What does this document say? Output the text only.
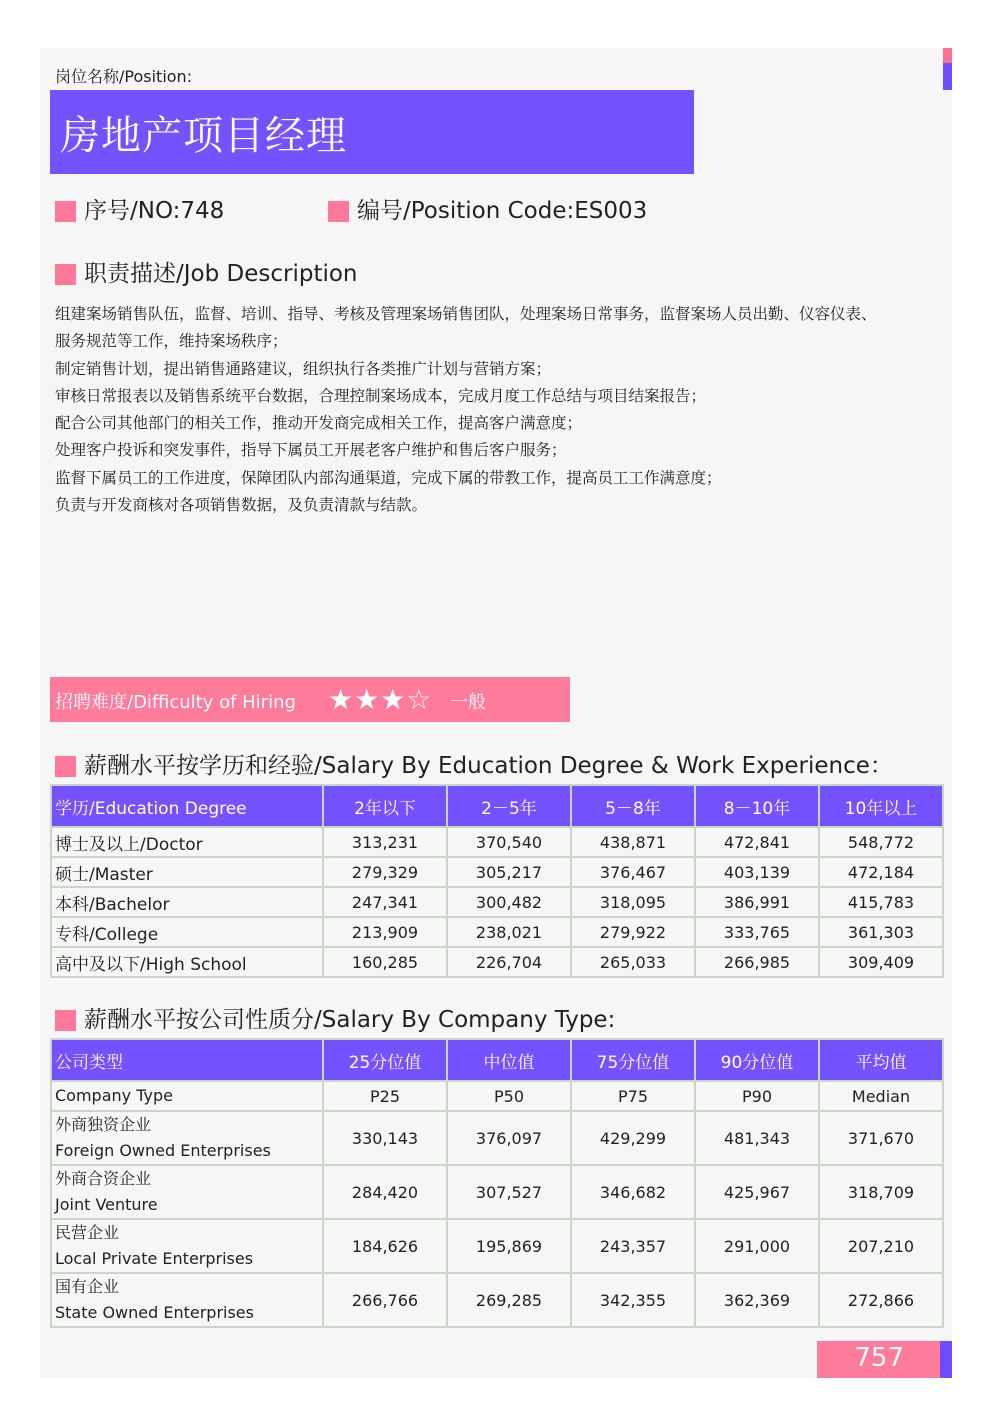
岗位名称/Position:
房地产项目经理
序号/NO:748	编号/Position Code:ES003
职责描述/Job Description
组建案场销售队伍，监督、培训、指导、考核及管理案场销售团队，处理案场日常事务，监督案场人员出勤、仪容仪表、
服务规范等工作，维持案场秩序；
制定销售计划，提出销售通路建议，组织执行各类推广计划与营销方案；
审核日常报表以及销售系统平台数据，合理控制案场成本，完成月度工作总结与项目结案报告；
配合公司其他部门的相关工作，推动开发商完成相关工作，提高客户满意度；
处理客户投诉和突发事件，指导下属员工开展老客户维护和售后客户服务；
监督下属员工的工作进度，保障团队内部沟通渠道，完成下属的带教工作，提高员工工作满意度；
负责与开发商核对各项销售数据，及负责清款与结款。
招聘难度/Difficulty of Hiring ★★★☆ 一般
薪酬水平按学历和经验/Salary By Education Degree & Work Experience：
学历/Education Degree	2年以下	2－5年	5－8年	8－10年	10年以上
博士及以上/Doctor	313,231	370,540	438,871	472,841	548,772
硕士/Master	279,329	305,217	376,467	403,139	472,184
本科/Bachelor	247,341	300,482	318,095	386,991	415,783
专科/College	213,909	238,021	279,922	333,765	361,303
高中及以下/High School	160,285	226,704	265,033	266,985	309,409
薪酬水平按公司性质分/Salary By Company Type:
公司类型	25分位值	中位值	75分位值	90分位值	平均值
Company Type	P25	P50	P75	P90	Median

外商独资企业
Foreign Owned Enterprises	330,143	376,097	429,299	481,343	371,670

外商合资企业
Joint Venture	284,420	307,527	346,682	425,967	318,709

民营企业
Local Private Enterprises	184,626	195,869	243,357	291,000	207,210

国有企业
State Owned Enterprises	266,766	269,285	342,355	362,369	272,866
757
